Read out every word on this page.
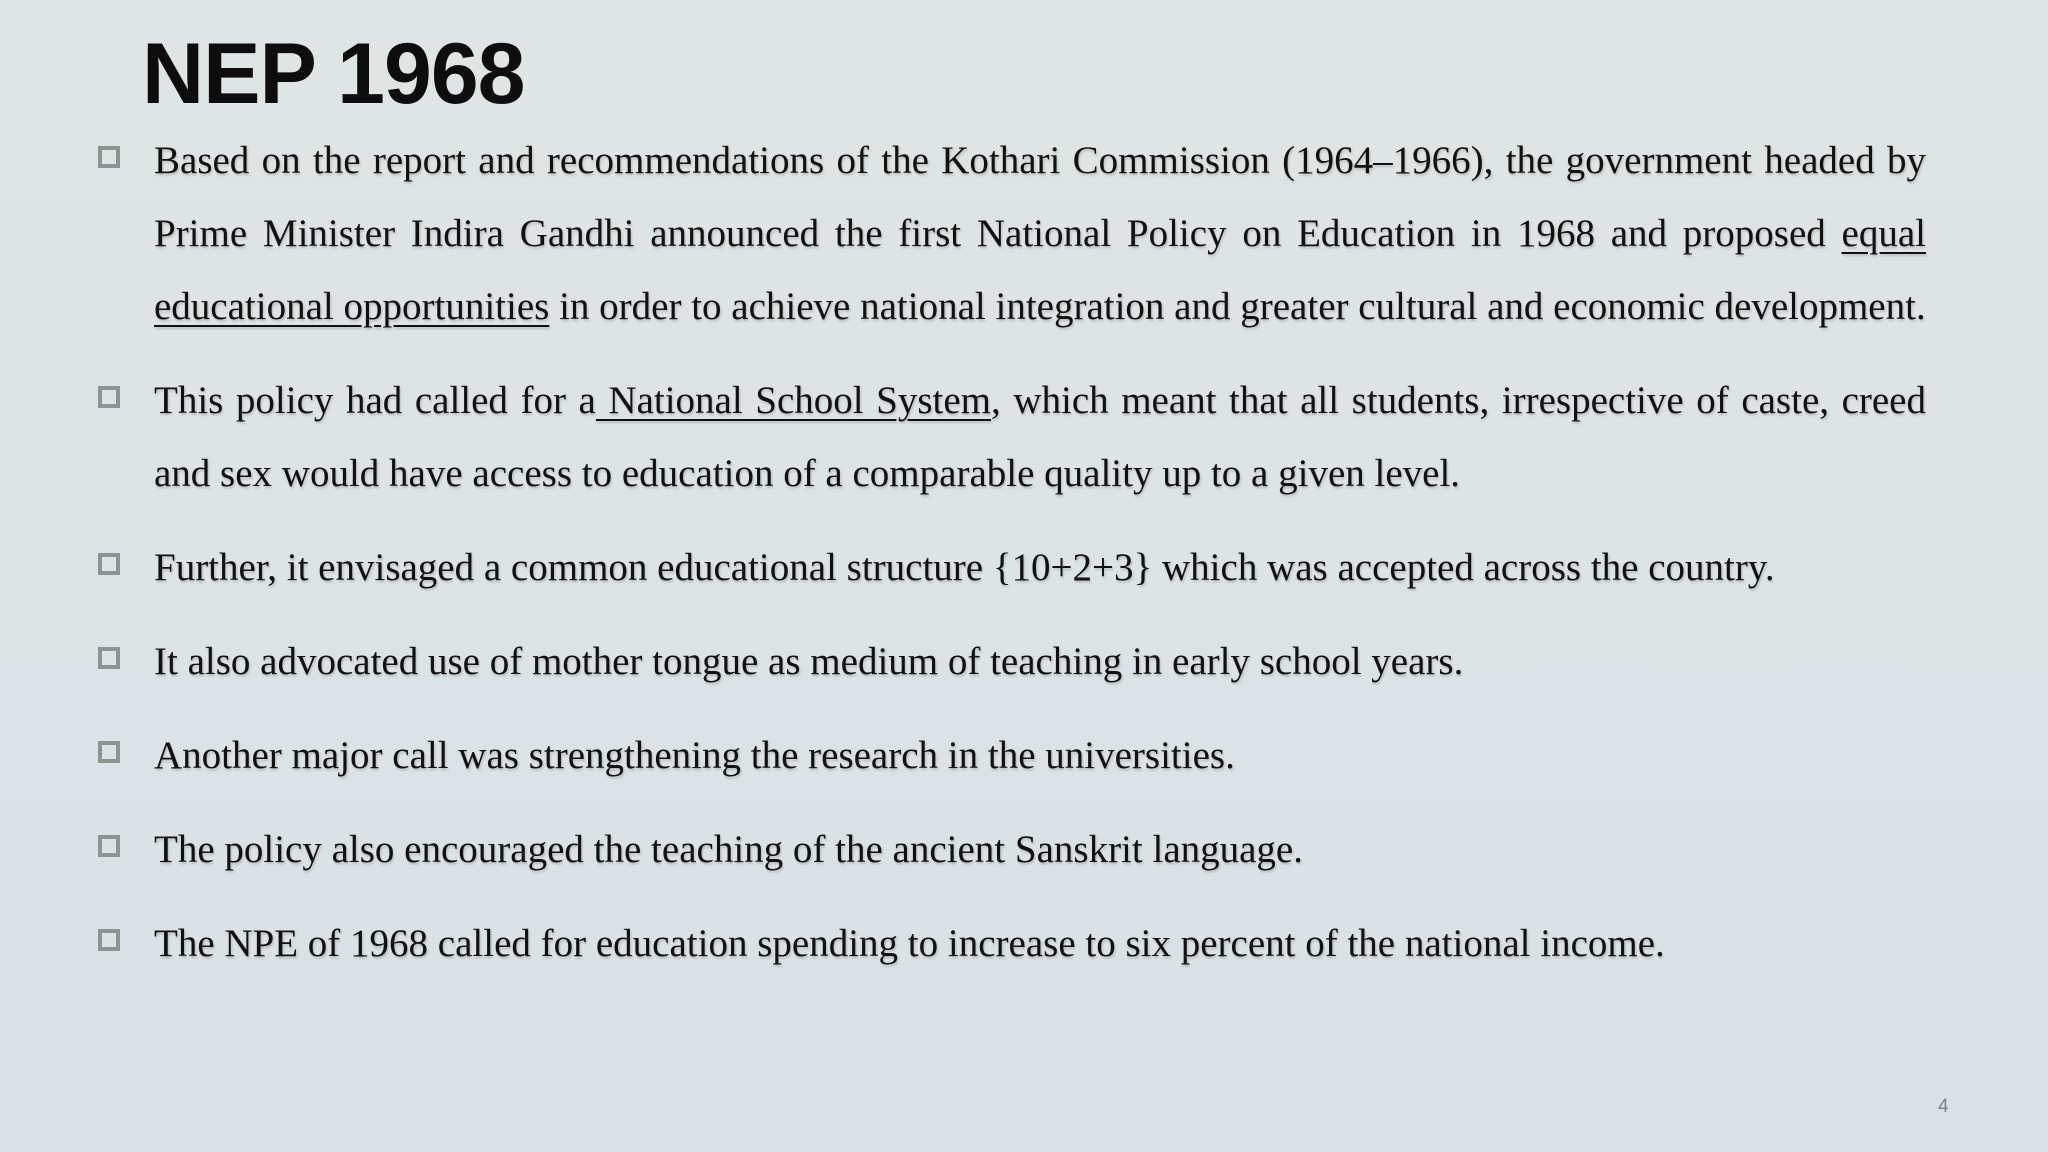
NEP 1968
Based on the report and recommendations of the Kothari Commission (1964–1966), the government headed by Prime Minister Indira Gandhi announced the first National Policy on Education in 1968 and proposed equal educational opportunities in order to achieve national integration and greater cultural and economic development.
This policy had called for a National School System, which meant that all students, irrespective of caste, creed and sex would have access to education of a comparable quality up to a given level.
Further, it envisaged a common educational structure {10+2+3} which was accepted across the country.
It also advocated use of mother tongue as medium of teaching in early school years.
Another major call was strengthening the research in the universities.
The policy also encouraged the teaching of the ancient Sanskrit language.
The NPE of 1968 called for education spending to increase to six percent of the national income.
4
